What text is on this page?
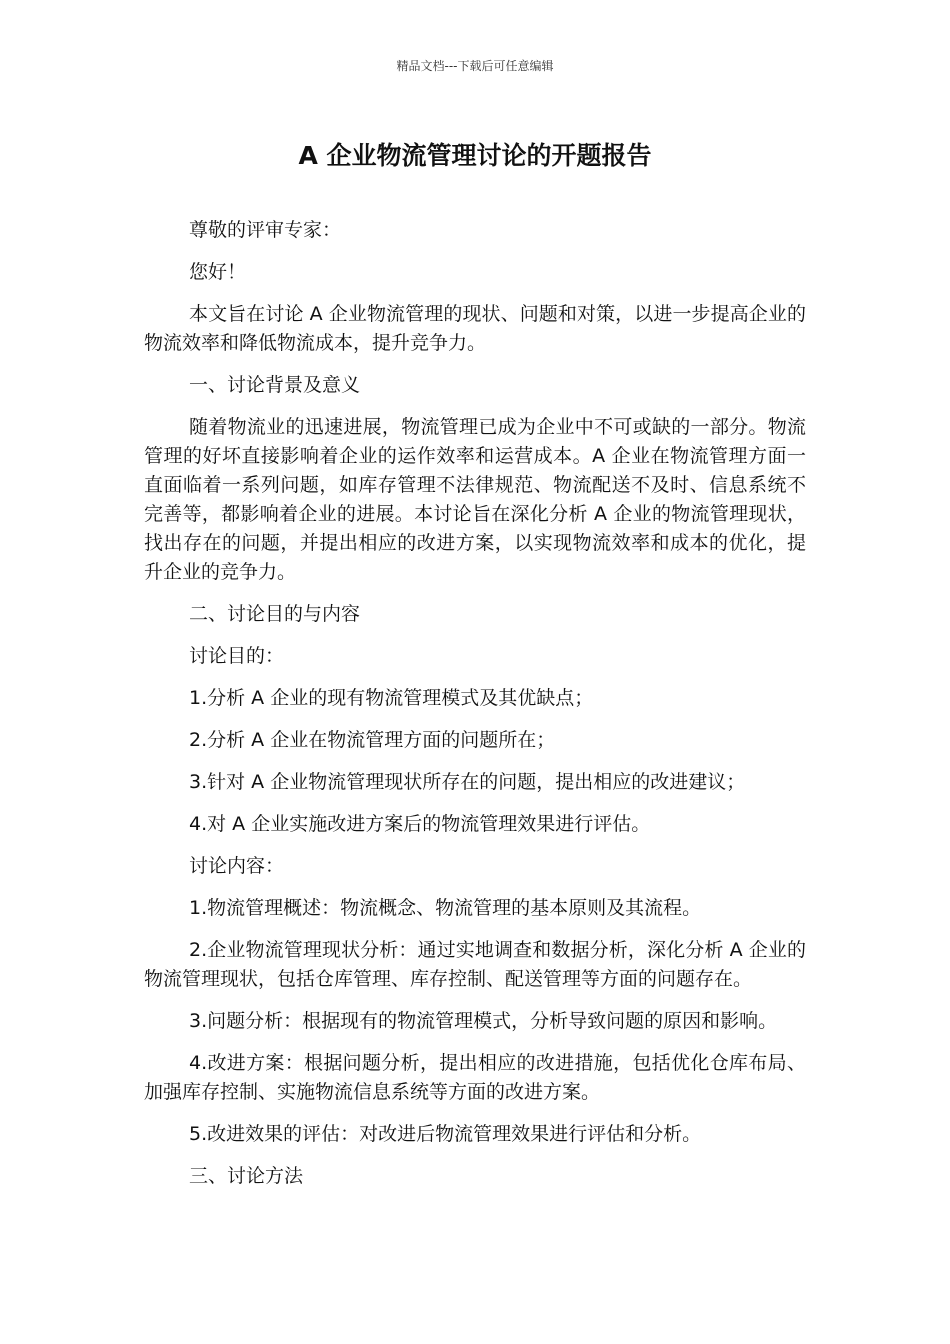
精品文档---下载后可任意编辑
A 企业物流管理讨论的开题报告

尊敬的评审专家：

您好！

本文旨在讨论 A 企业物流管理的现状、问题和对策，以进一步提高企业的物流效率和降低物流成本，提升竞争力。

一、讨论背景及意义

随着物流业的迅速进展，物流管理已成为企业中不可或缺的一部分。物流管理的好坏直接影响着企业的运作效率和运营成本。A 企业在物流管理方面一直面临着一系列问题，如库存管理不法律规范、物流配送不及时、信息系统不完善等，都影响着企业的进展。本讨论旨在深化分析 A 企业的物流管理现状，找出存在的问题，并提出相应的改进方案，以实现物流效率和成本的优化，提升企业的竞争力。

二、讨论目的与内容

讨论目的：

1.分析 A 企业的现有物流管理模式及其优缺点；

2.分析 A 企业在物流管理方面的问题所在；

3.针对 A 企业物流管理现状所存在的问题，提出相应的改进建议；

4.对 A 企业实施改进方案后的物流管理效果进行评估。

讨论内容：

1.物流管理概述：物流概念、物流管理的基本原则及其流程。

2.企业物流管理现状分析：通过实地调查和数据分析，深化分析 A 企业的物流管理现状，包括仓库管理、库存控制、配送管理等方面的问题存在。

3.问题分析：根据现有的物流管理模式，分析导致问题的原因和影响。

4.改进方案：根据问题分析，提出相应的改进措施，包括优化仓库布局、加强库存控制、实施物流信息系统等方面的改进方案。

5.改进效果的评估：对改进后物流管理效果进行评估和分析。

三、讨论方法
